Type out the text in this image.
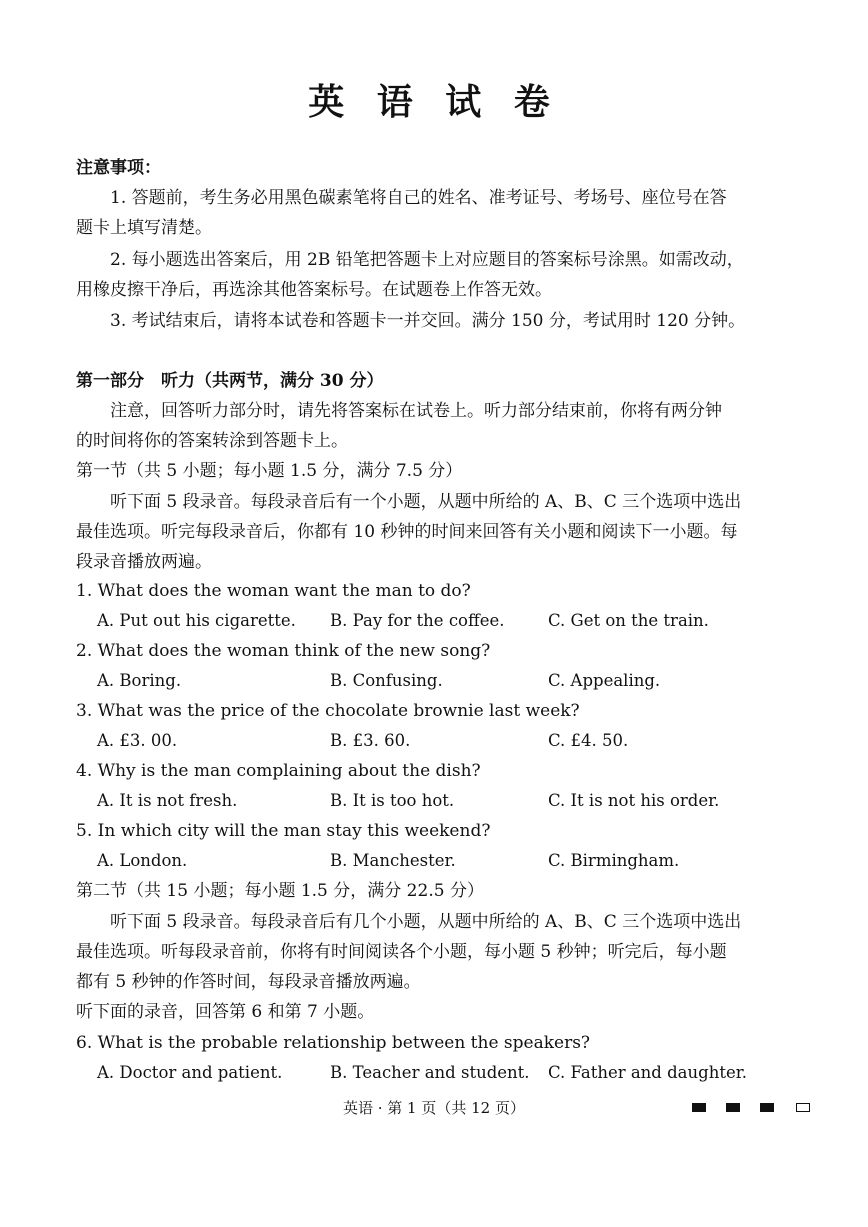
英 语 试 卷
注意事项：
1. 答题前，考生务必用黑色碳素笔将自己的姓名、准考证号、考场号、座位号在答
题卡上填写清楚。
2. 每小题选出答案后，用 2B 铅笔把答题卡上对应题目的答案标号涂黑。如需改动，
用橡皮擦干净后，再选涂其他答案标号。在试题卷上作答无效。
3. 考试结束后，请将本试卷和答题卡一并交回。满分 150 分，考试用时 120 分钟。
第一部分　听力（共两节，满分 30 分）
注意，回答听力部分时，请先将答案标在试卷上。听力部分结束前，你将有两分钟
的时间将你的答案转涂到答题卡上。
第一节（共 5 小题；每小题 1.5 分，满分 7.5 分）
听下面 5 段录音。每段录音后有一个小题，从题中所给的 A、B、C 三个选项中选出
最佳选项。听完每段录音后，你都有 10 秒钟的时间来回答有关小题和阅读下一小题。每
段录音播放两遍。
1. What does the woman want the man to do?
A. Put out his cigarette. B. Pay for the coffee.	C. Get on the train.
2. What does the woman think of the new song?
A. Boring.	B. Confusing.	C. Appealing.
3. What was the price of the chocolate brownie last week?
A. £3. 00.	B. £3. 60.	C. £4. 50.
4. Why is the man complaining about the dish?
A. It is not fresh.	B. It is too hot.	C. It is not his order.
5. In which city will the man stay this weekend?
A. London.	B. Manchester.	C. Birmingham.
第二节（共 15 小题；每小题 1.5 分，满分 22.5 分）
听下面 5 段录音。每段录音后有几个小题，从题中所给的 A、B、C 三个选项中选出
最佳选项。听每段录音前，你将有时间阅读各个小题，每小题 5 秒钟；听完后，每小题
都有 5 秒钟的作答时间，每段录音播放两遍。
听下面的录音，回答第 6 和第 7 小题。
6. What is the probable relationship between the speakers?
A. Doctor and patient.	B. Teacher and student. C. Father and daughter.
英语 · 第 1 页（共 12 页）
